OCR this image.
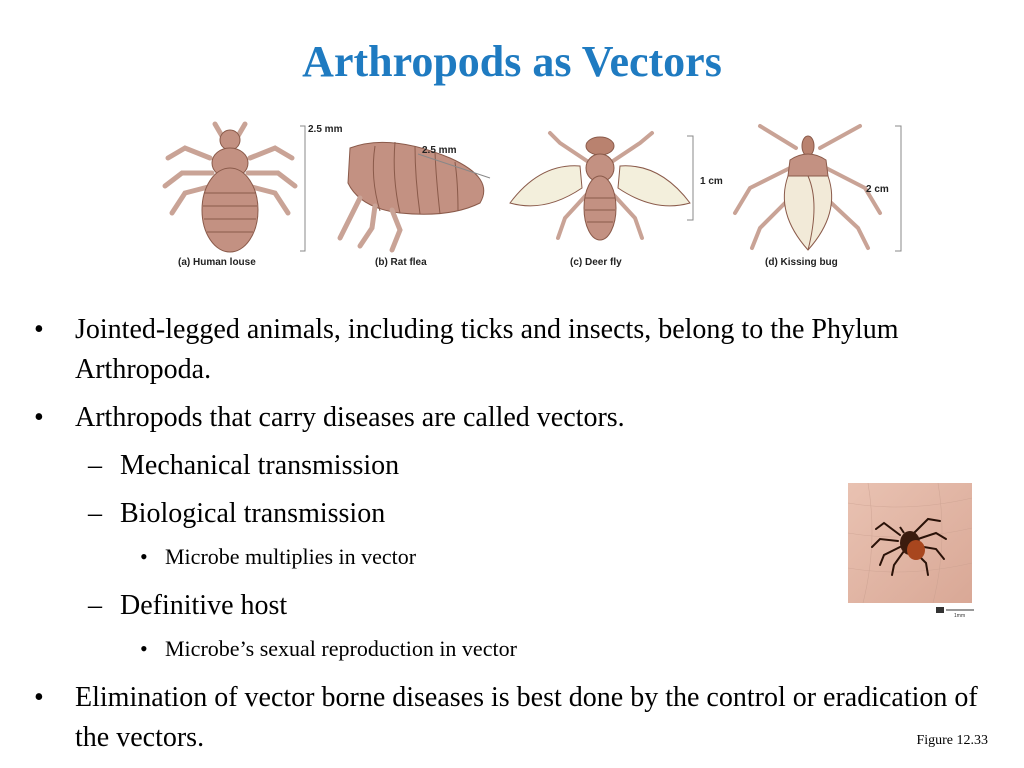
Arthropods as Vectors
2.5 mm
(a) Human louse
2.5 mm
(b) Rat flea
1 cm
(c) Deer fly
2 cm
(d) Kissing bug
• Jointed-legged animals, including ticks and insects, belong to the Phylum Arthropoda.
• Arthropods that carry diseases are called vectors.
– Mechanical transmission
– Biological transmission
• Microbe multiplies in vector
– Definitive host
• Microbe’s sexual reproduction in vector
• Elimination of vector borne diseases is best done by the control or eradication of the vectors.
1mm
Figure 12.33
